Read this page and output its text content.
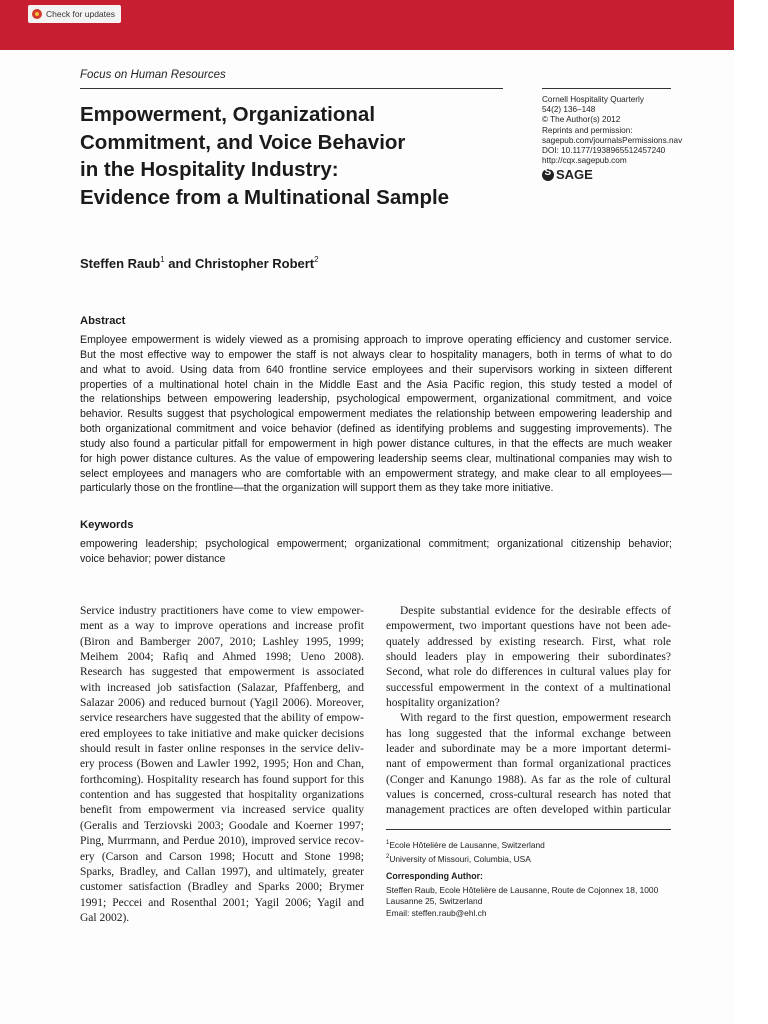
Check for updates
Focus on Human Resources
Empowerment, Organizational
Commitment, and Voice Behavior
in the Hospitality Industry:
Evidence from a Multinational Sample
Cornell Hospitality Quarterly
54(2) 136–148
© The Author(s) 2012
Reprints and permission:
sagepub.com/journalsPermissions.nav
DOI: 10.1177/1938965512457240
http://cqx.sagepub.com
S
SAGE
Steffen Raub$^1$ and Christopher Robert$^2$
Abstract
Employee empowerment is widely viewed as a promising approach to improve operating efficiency and customer service.
But the most effective way to empower the staff is not always clear to hospitality managers, both in terms of what to do
and what to avoid. Using data from 640 frontline service employees and their supervisors working in sixteen different
properties of a multinational hotel chain in the Middle East and the Asia Pacific region, this study tested a model of
the relationships between empowering leadership, psychological empowerment, organizational commitment, and voice
behavior. Results suggest that psychological empowerment mediates the relationship between empowering leadership and
both organizational commitment and voice behavior (defined as identifying problems and suggesting improvements). The
study also found a particular pitfall for empowerment in high power distance cultures, in that the effects are much weaker
for high power distance cultures. As the value of empowering leadership seems clear, multinational companies may wish to
select employees and managers who are comfortable with an empowerment strategy, and make clear to all employees—
particularly those on the frontline—that the organization will support them as they take more initiative.
Keywords
empowering leadership; psychological empowerment; organizational commitment; organizational citizenship behavior;
voice behavior; power distance
Service industry practitioners have come to view empower-
ment as a way to improve operations and increase profit
(Biron and Bamberger 2007, 2010; Lashley 1995, 1999;
Meihem 2004; Rafiq and Ahmed 1998; Ueno 2008).
Research has suggested that empowerment is associated
with increased job satisfaction (Salazar, Pfaffenberg, and
Salazar 2006) and reduced burnout (Yagil 2006). Moreover,
service researchers have suggested that the ability of empow-
ered employees to take initiative and make quicker decisions
should result in faster online responses in the service deliv-
ery process (Bowen and Lawler 1992, 1995; Hon and Chan,
forthcoming). Hospitality research has found support for this
contention and has suggested that hospitality organizations
benefit from empowerment via increased service quality
(Geralis and Terziovski 2003; Goodale and Koerner 1997;
Ping, Murrmann, and Perdue 2010), improved service recov-
ery (Carson and Carson 1998; Hocutt and Stone 1998;
Sparks, Bradley, and Callan 1997), and ultimately, greater
customer satisfaction (Bradley and Sparks 2000; Brymer
1991; Peccei and Rosenthal 2001; Yagil 2006; Yagil and
Gal 2002).
Despite substantial evidence for the desirable effects of
empowerment, two important questions have not been ade-
quately addressed by existing research. First, what role
should leaders play in empowering their subordinates?
Second, what role do differences in cultural values play for
successful empowerment in the context of a multinational
hospitality organization?
With regard to the first question, empowerment research
has long suggested that the informal exchange between
leader and subordinate may be a more important determi-
nant of empowerment than formal organizational practices
(Conger and Kanungo 1988). As far as the role of cultural
values is concerned, cross-cultural research has noted that
management practices are often developed within particular
$^1$Ecole Hôtelière de Lausanne, Switzerland
$^2$University of Missouri, Columbia, USA
Corresponding Author:
Steffen Raub, Ecole Hôtelière de Lausanne, Route de Cojonnex 18, 1000
Lausanne 25, Switzerland
Email: steffen.raub@ehl.ch
